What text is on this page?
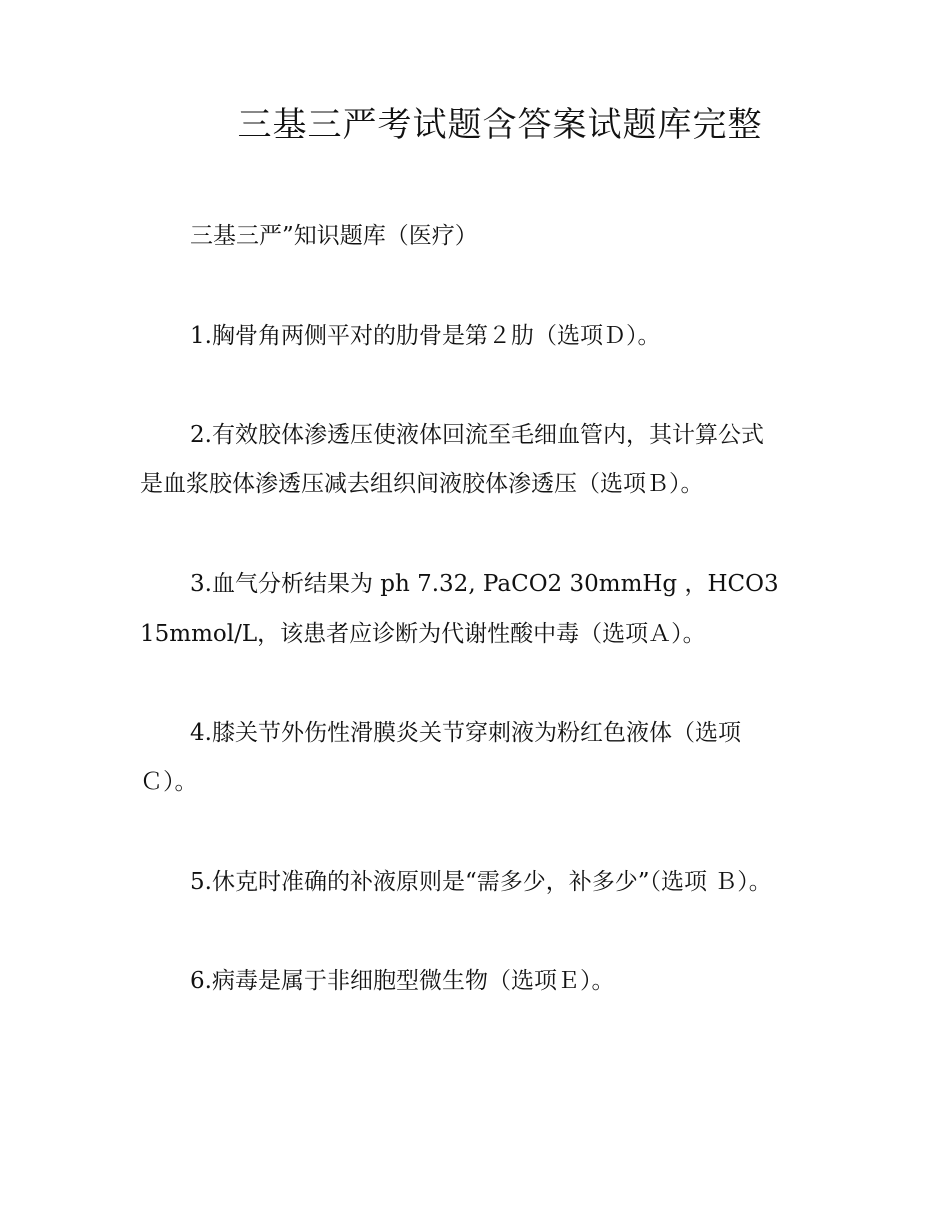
三基三严考试题含答案试题库完整
三基三严”知识题库（医疗）
1.胸骨角两侧平对的肋骨是第２肋（选项Ｄ）。
2.有效胶体渗透压使液体回流至毛细血管内，其计算公式
是血浆胶体渗透压减去组织间液胶体渗透压（选项Ｂ）。
3.血气分析结果为 ph 7.32, PaCO2 30mmHg ，HCO3
15mmol/L，该患者应诊断为代谢性酸中毒（选项Ａ）。
4.膝关节外伤性滑膜炎关节穿刺液为粉红色液体（选项
Ｃ）。
5.休克时准确的补液原则是“需多少，补多少”（选项 Ｂ）。
6.病毒是属于非细胞型微生物（选项Ｅ）。
